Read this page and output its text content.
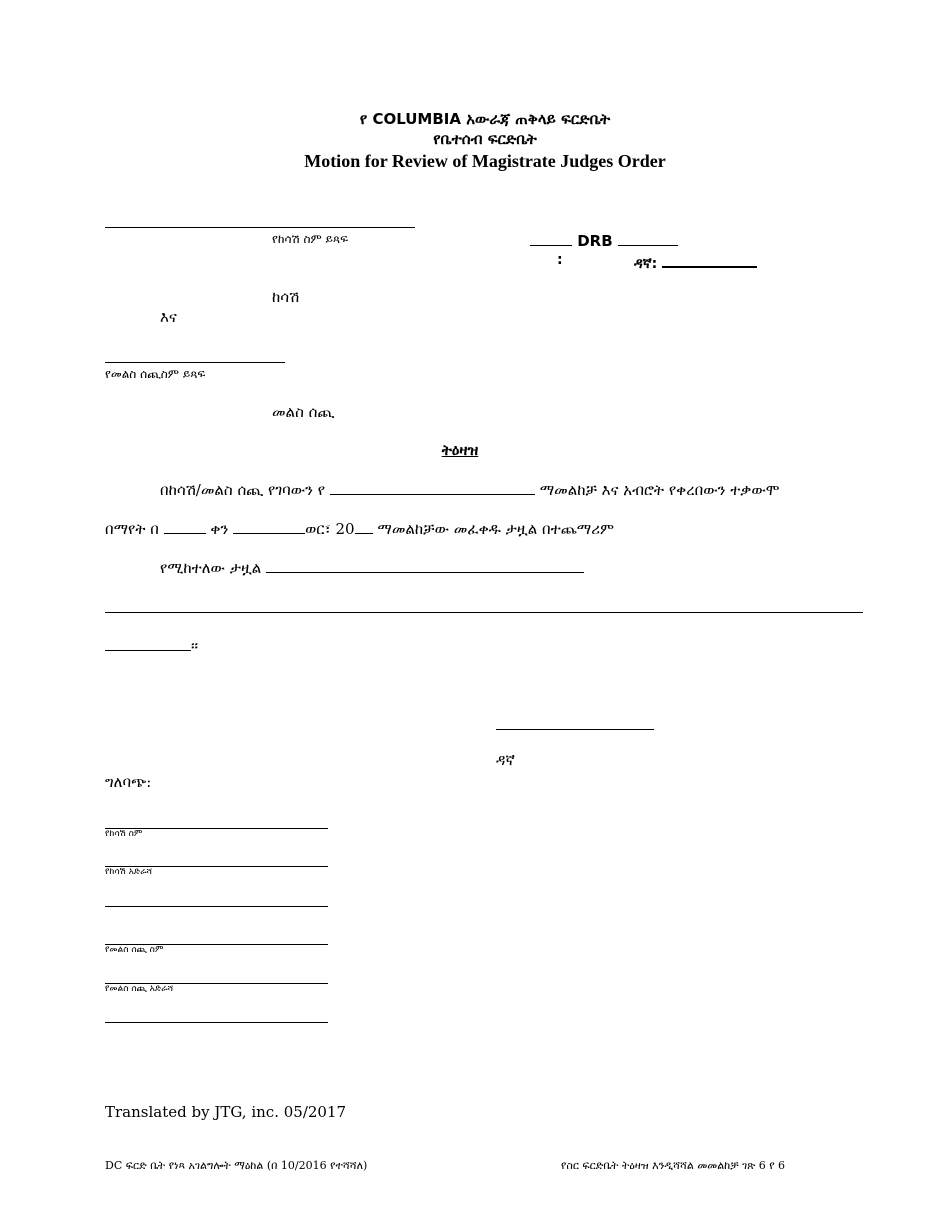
የ COLUMBIA አውራጃ ጠቅላይ ፍርድቤት
የቤተሰብ ፍርድቤት
Motion for Review of Magistrate Judges Order
የከሳሽ ስም ይጻፍ	DRB
:	ዳኛ:
ከሳሽ
እና
የመልስ ሰጪስም ይጻፍ
መልስ ሰጪ
ትዕዛዝ
በከሳሽ/መልስ ሰጪ የገባውን የ	ማመልከቻ እና አብሮት የቀረበውን ተቃውሞ
በማየት በ	ቀን	ወር፣ 20 ማመልከቻው መፈቀዱ ታዟል በተጨማሪም
የሚከተለው ታዟል
፡፡
ዳኛ
ግለባጭ:
የከሳሽ ስም
የከሳሽ አድራሻ
የመልስ ሰጪ ስም
የመልስ ሰጪ አድራሻ
Translated by JTG, inc. 05/2017
DC ፍርድ ቤት የነጻ አገልግሎት ማዕከል (በ 10/2016 የተሻሻለ)	የስር ፍርድቤት ትዕዛዝ እንዲሻሻል መመልከቻ ገጽ 6 የ 6
